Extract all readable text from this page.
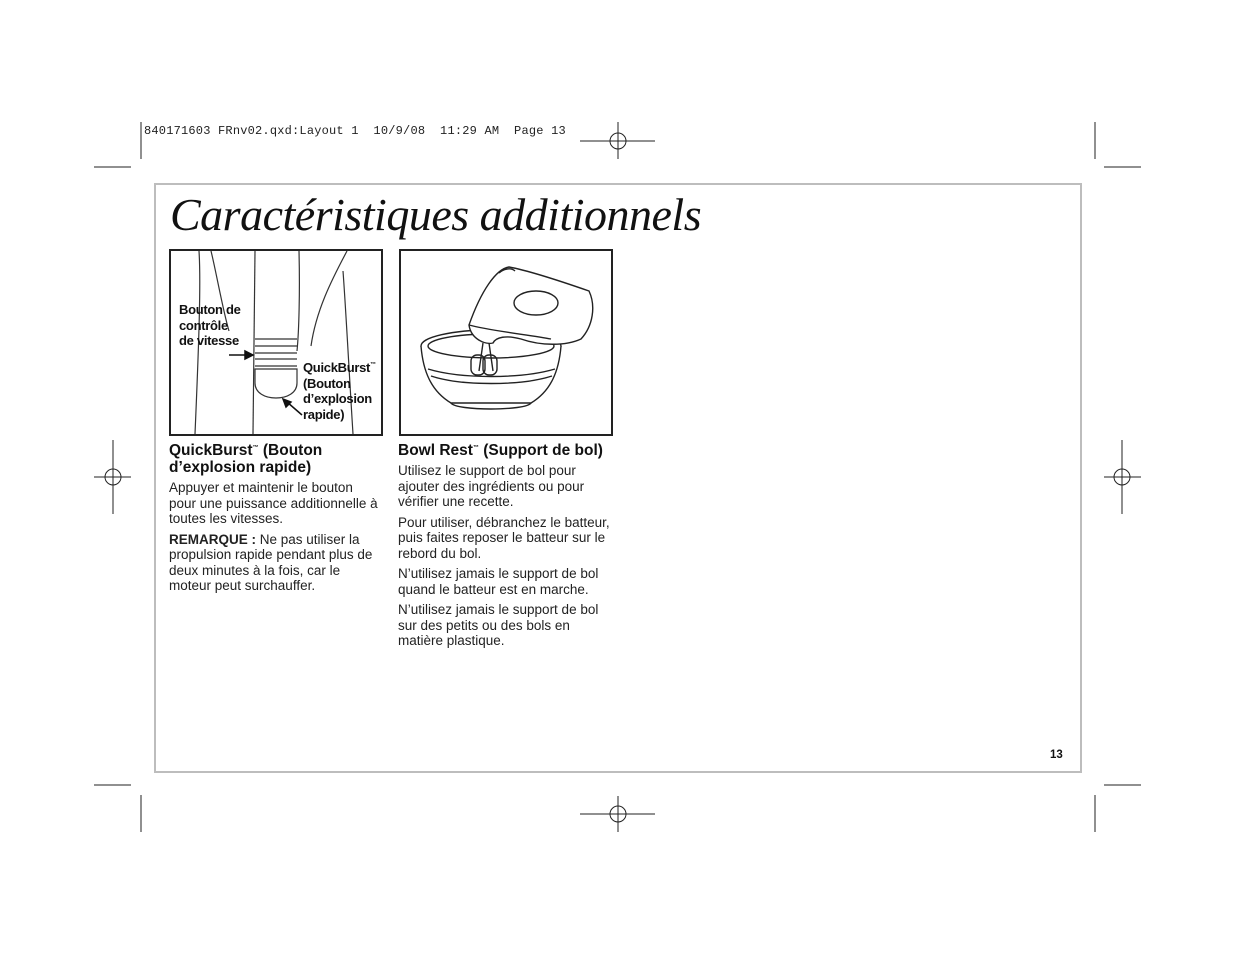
840171603 FRnv02.qxd:Layout 1  10/9/08  11:29 AM  Page 13
Caractéristiques additionnels
Bouton de
contrôle
de vitesse
QuickBurst™
(Bouton
d’explosion
rapide)
QuickBurst™ (Bouton d’explosion rapide)

Appuyer et maintenir le bouton pour une puissance additionnelle à toutes les vitesses.

REMARQUE : Ne pas utiliser la propulsion rapide pendant plus de deux minutes à la fois, car le moteur peut surchauffer.

Bowl Rest™ (Support de bol)

Utilisez le support de bol pour ajouter des ingrédients ou pour vérifier une recette.

Pour utiliser, débranchez le batteur, puis faites reposer le batteur sur le rebord du bol.

N’utilisez jamais le support de bol quand le batteur est en marche.

N’utilisez jamais le support de bol sur des petits ou des bols en matière plastique.

13
